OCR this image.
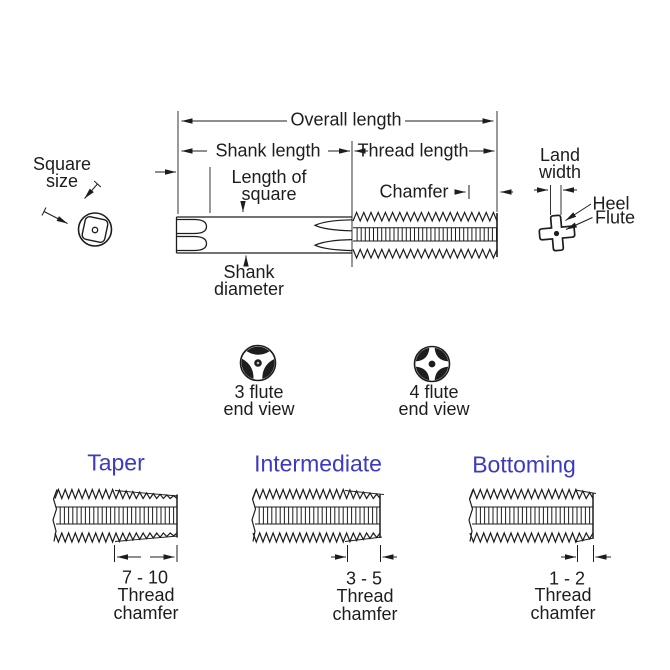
Overall length
Shank length Thread length
Length of
square	Chamfer
Square
size
Land
width
Heel
Flute
Shank
diameter
3 flute
end view
4 flute
end view
Taper	Intermediate	Bottoming
7 - 10
Thread
chamfer
3 - 5
Thread
chamfer
1 - 2
Thread
chamfer
